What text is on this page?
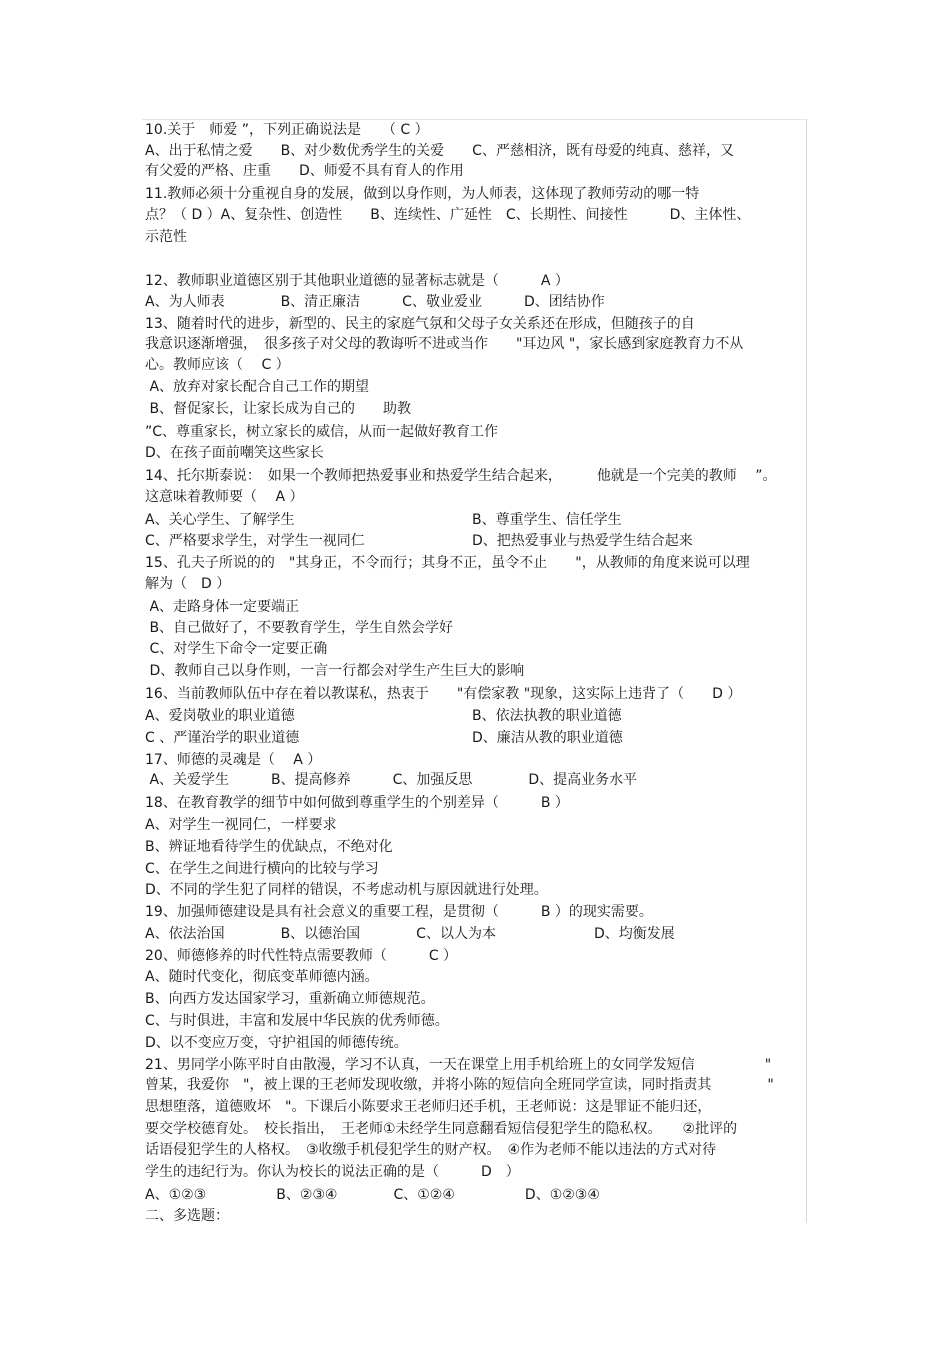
10.关于　师爱 ”，下列正确说法是　　（ C ）
A、出于私情之爱　　B、对少数优秀学生的关爱　　C、严慈相济，既有母爱的纯真、慈祥，又
有父爱的严格、庄重　　D、师爱不具有育人的作用
11.教师必须十分重视自身的发展，做到以身作则，为人师表，这体现了教师劳动的哪一特
点？（ D ）A、复杂性、创造性　　B、连续性、广延性　C、长期性、间接性　　　D、主体性、
示范性
12、教师职业道德区别于其他职业道德的显著标志就是（　　　A ）
A、为人师表　　　　B、清正廉洁　　　C、敬业爱业　　　D、团结协作
13、随着时代的进步，新型的、民主的家庭气氛和父母子女关系还在形成，但随孩子的自
我意识逐渐增强，　很多孩子对父母的教诲听不进或当作　　"耳边风 "，家长感到家庭教育力不从
心。教师应该（　 C ）
A、放弃对家长配合自己工作的期望
B、督促家长，让家长成为自己的　　助教
”C、尊重家长，树立家长的威信，从而一起做好教育工作
D、在孩子面前嘲笑这些家长
14、托尔斯泰说：　如果一个教师把热爱事业和热爱学生结合起来，　　　他就是一个完美的教师　 ”。
这意味着教师要（　 A ）
A、关心学生、了解学生	B、尊重学生、信任学生
C、严格要求学生，对学生一视同仁	D、把热爱事业与热爱学生结合起来
15、孔夫子所说的的　"其身正，不令而行；其身不正，虽令不止　　"，从教师的角度来说可以理
解为（　D ）
A、走路身体一定要端正
B、自己做好了，不要教育学生，学生自然会学好
C、对学生下命令一定要正确
D、教师自己以身作则，一言一行都会对学生产生巨大的影响
16、当前教师队伍中存在着以教谋私，热衷于　　"有偿家教 "现象，这实际上违背了（　　D ）
A、爱岗敬业的职业道德	B、依法执教的职业道德
C 、严谨治学的职业道德	D、廉洁从教的职业道德
17、师德的灵魂是（　 A ）
A、关爱学生　　　B、提高修养　　　C、加强反思　　　　D、提高业务水平
18、在教育教学的细节中如何做到尊重学生的个别差异（　　　B ）
A、对学生一视同仁，一样要求
B、辨证地看待学生的优缺点，不绝对化
C、在学生之间进行横向的比较与学习
D、不同的学生犯了同样的错误，不考虑动机与原因就进行处理。
19、加强师德建设是具有社会意义的重要工程，是贯彻（　　　B ）的现实需要。
A、依法治国　　　　B、以德治国　　　　C、以人为本　　　　　　　D、均衡发展
20、师德修养的时代性特点需要教师（　　　C ）
A、随时代变化，彻底变革师德内涵。
B、向西方发达国家学习，重新确立师德规范。
C、与时俱进，丰富和发展中华民族的优秀师德。
D、以不变应万变，守护祖国的师德传统。
21、男同学小陈平时自由散漫，学习不认真，一天在课堂上用手机给班上的女同学发短信　　　　　"
曾某，我爱你　"，被上课的王老师发现收缴，并将小陈的短信向全班同学宣读，同时指责其　　　　"
思想堕落，道德败坏　"。下课后小陈要求王老师归还手机，王老师说：这是罪证不能归还，
要交学校德育处。　校长指出，　王老师①未经学生同意翻看短信侵犯学生的隐私权。　　②批评的
话语侵犯学生的人格权。　③收缴手机侵犯学生的财产权。　④作为老师不能以违法的方式对待
学生的违纪行为。你认为校长的说法正确的是（　　　D　）
A、①②③　　　　　B、②③④　　　　C、①②④　　　　　D、①②③④
二、多选题：
